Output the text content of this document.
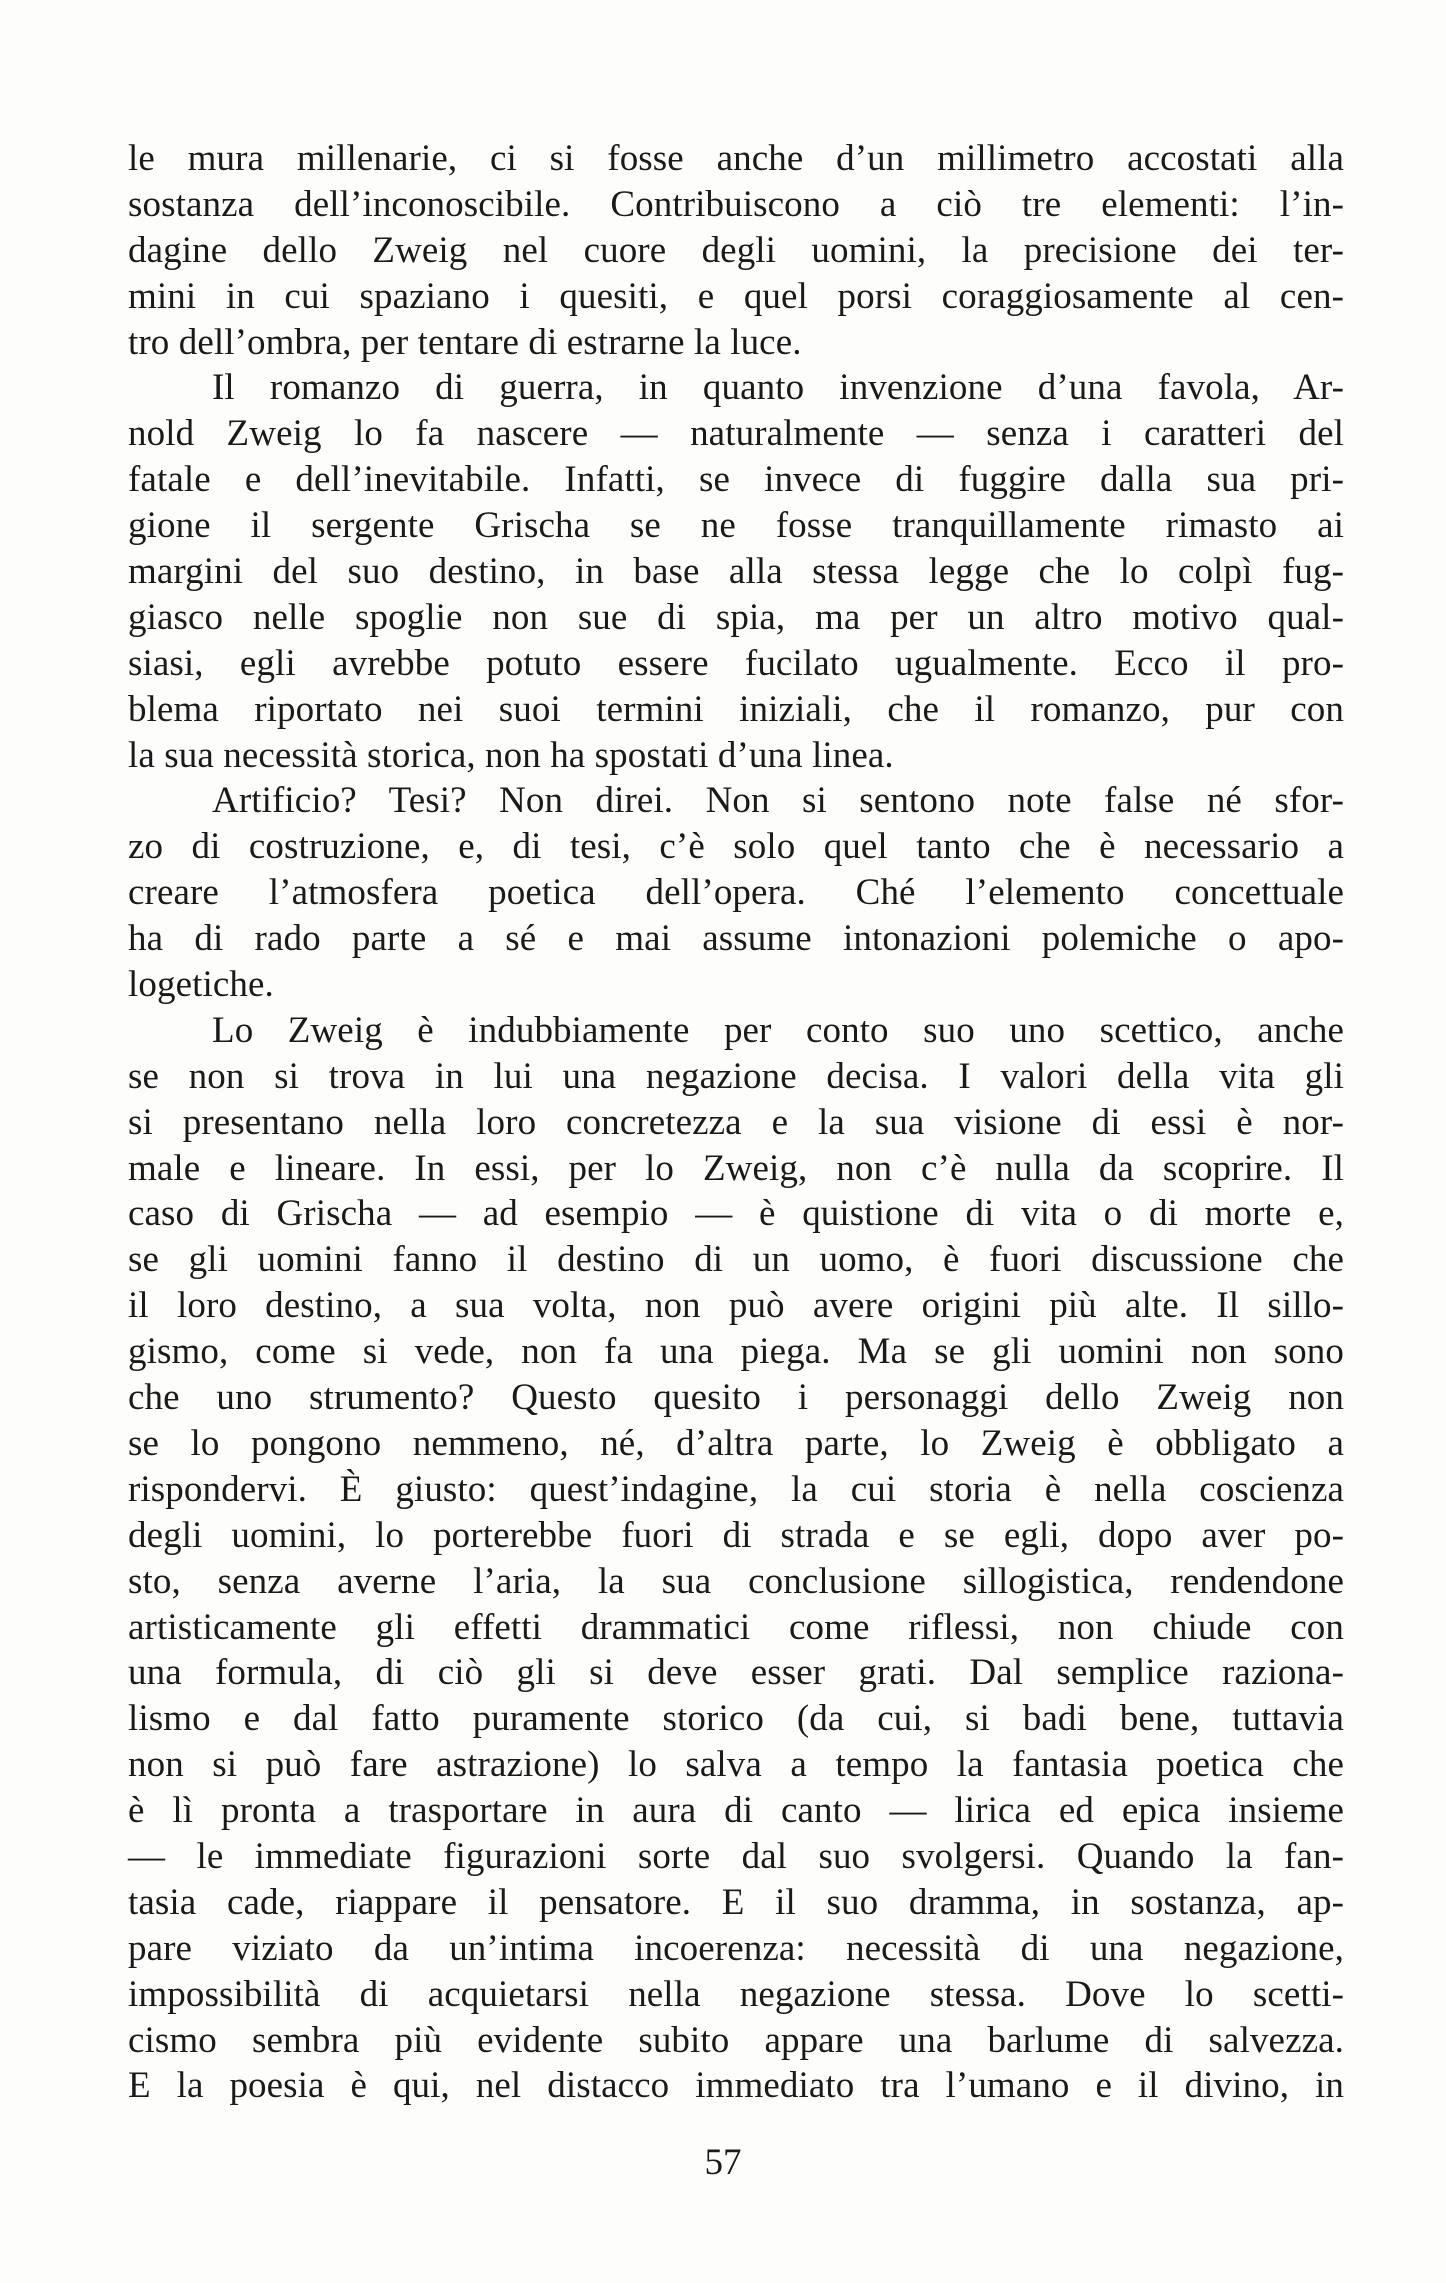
le mura millenarie, ci si fosse anche d’un millimetro accostati alla
sostanza dell’inconoscibile. Contribuiscono a ciò tre elementi: l’in-
dagine dello Zweig nel cuore degli uomini, la precisione dei ter-
mini in cui spaziano i quesiti, e quel porsi coraggiosamente al cen-
tro dell’ombra, per tentare di estrarne la luce.
Il romanzo di guerra, in quanto invenzione d’una favola, Ar-
nold Zweig lo fa nascere — naturalmente — senza i caratteri del
fatale e dell’inevitabile. Infatti, se invece di fuggire dalla sua pri-
gione il sergente Grischa se ne fosse tranquillamente rimasto ai
margini del suo destino, in base alla stessa legge che lo colpì fug-
giasco nelle spoglie non sue di spia, ma per un altro motivo qual-
siasi, egli avrebbe potuto essere fucilato ugualmente. Ecco il pro-
blema riportato nei suoi termini iniziali, che il romanzo, pur con
la sua necessità storica, non ha spostati d’una linea.
Artificio? Tesi? Non direi. Non si sentono note false né sfor-
zo di costruzione, e, di tesi, c’è solo quel tanto che è necessario a
creare l’atmosfera poetica dell’opera. Ché l’elemento concettuale
ha di rado parte a sé e mai assume intonazioni polemiche o apo-
logetiche.
Lo Zweig è indubbiamente per conto suo uno scettico, anche
se non si trova in lui una negazione decisa. I valori della vita gli
si presentano nella loro concretezza e la sua visione di essi è nor-
male e lineare. In essi, per lo Zweig, non c’è nulla da scoprire. Il
caso di Grischa — ad esempio — è quistione di vita o di morte e,
se gli uomini fanno il destino di un uomo, è fuori discussione che
il loro destino, a sua volta, non può avere origini più alte. Il sillo-
gismo, come si vede, non fa una piega. Ma se gli uomini non sono
che uno strumento? Questo quesito i personaggi dello Zweig non
se lo pongono nemmeno, né, d’altra parte, lo Zweig è obbligato a
rispondervi. È giusto: quest’indagine, la cui storia è nella coscienza
degli uomini, lo porterebbe fuori di strada e se egli, dopo aver po-
sto, senza averne l’aria, la sua conclusione sillogistica, rendendone
artisticamente gli effetti drammatici come riflessi, non chiude con
una formula, di ciò gli si deve esser grati. Dal semplice raziona-
lismo e dal fatto puramente storico (da cui, si badi bene, tuttavia
non si può fare astrazione) lo salva a tempo la fantasia poetica che
è lì pronta a trasportare in aura di canto — lirica ed epica insieme
— le immediate figurazioni sorte dal suo svolgersi. Quando la fan-
tasia cade, riappare il pensatore. E il suo dramma, in sostanza, ap-
pare viziato da un’intima incoerenza: necessità di una negazione,
impossibilità di acquietarsi nella negazione stessa. Dove lo scetti-
cismo sembra più evidente subito appare una barlume di salvezza.
E la poesia è qui, nel distacco immediato tra l’umano e il divino, in
57
